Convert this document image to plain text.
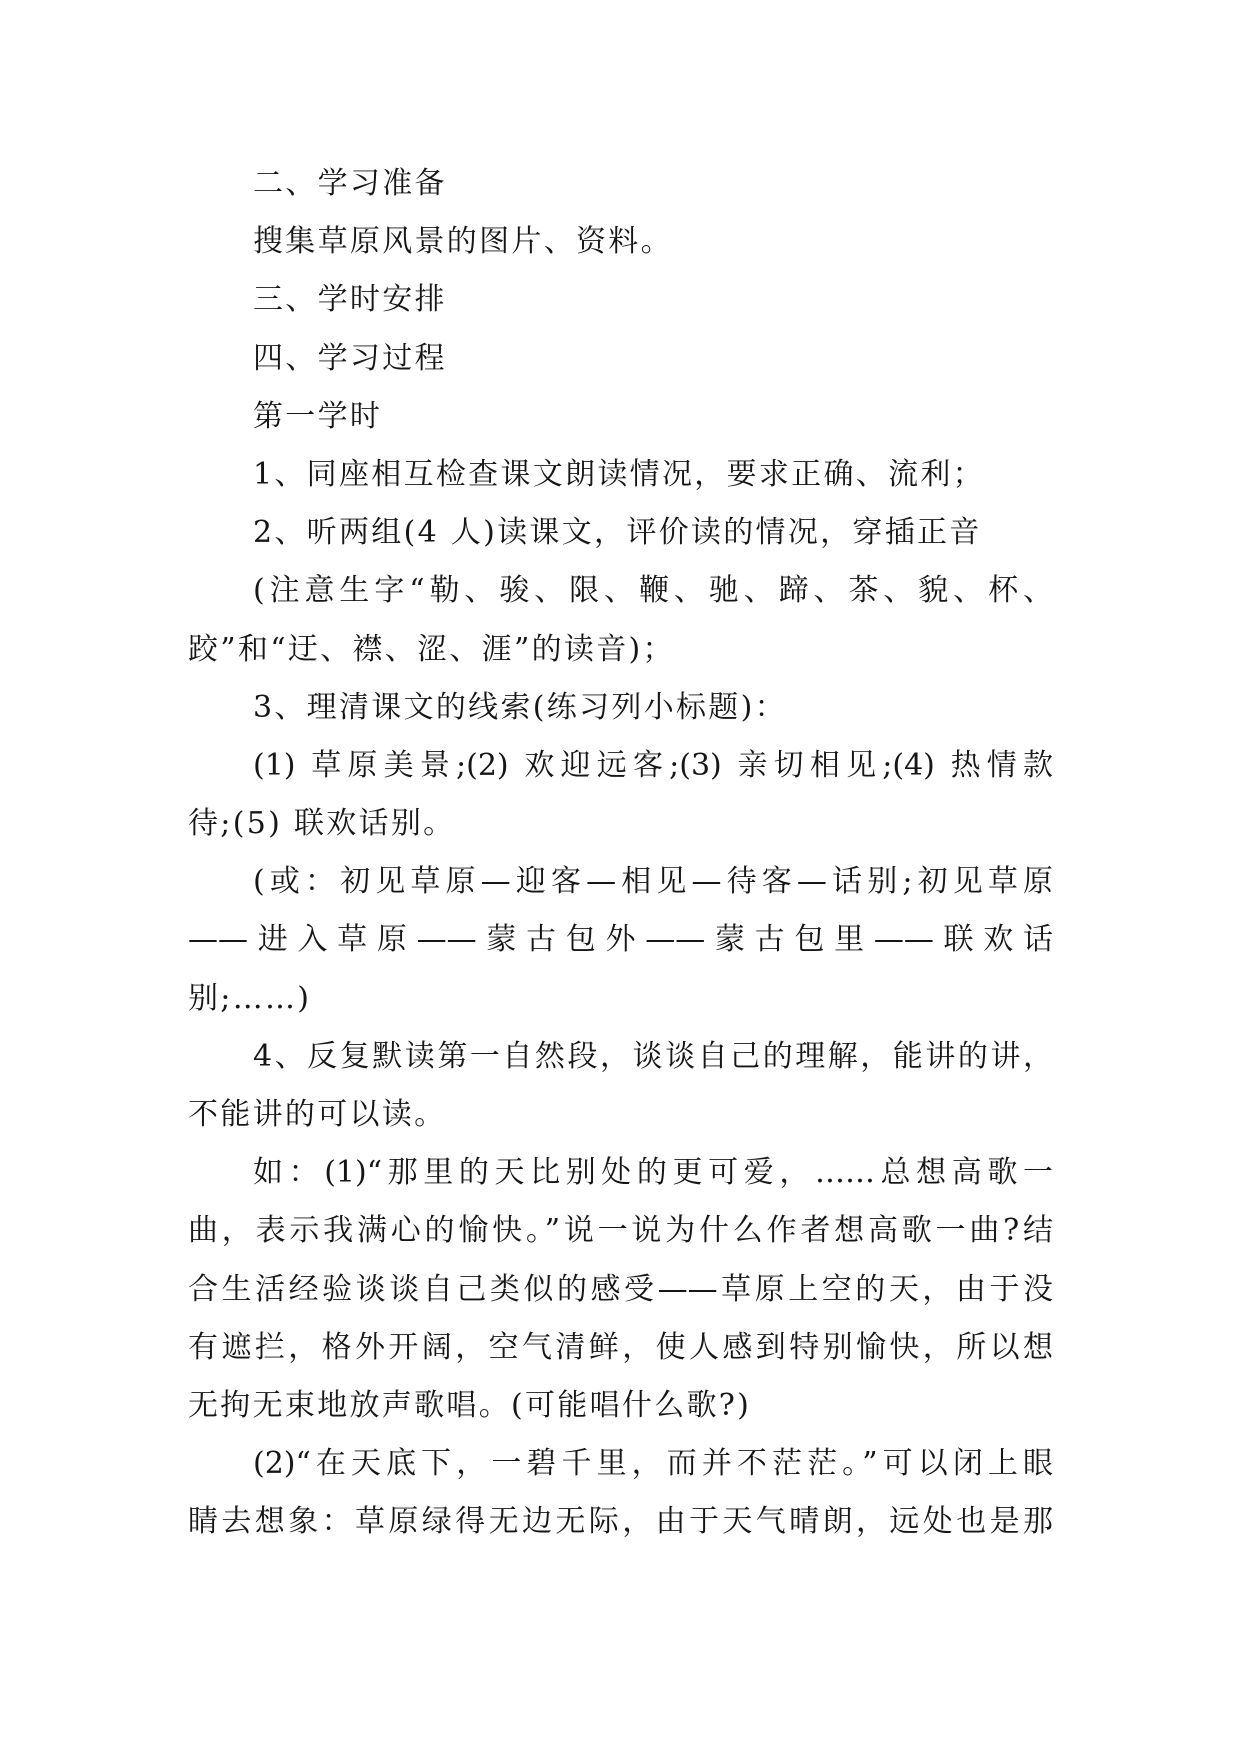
二、学习准备
搜集草原风景的图片、资料。
三、学时安排
四、学习过程
第一学时
1、同座相互检查课文朗读情况，要求正确、流利；
2、听两组(4 人)读课文，评价读的情况，穿插正音
(注意生字“勒、骏、限、鞭、驰、蹄、茶、貌、杯、
跤”和“迂、襟、涩、涯”的读音)；
3、理清课文的线索(练习列小标题)：
(1) 草原美景;(2) 欢迎远客;(3) 亲切相见;(4) 热情款
待;(5) 联欢话别。
(或：初见草原—迎客—相见—待客—话别;初见草原
——进入草原——蒙古包外——蒙古包里——联欢话
别;……)
4、反复默读第一自然段，谈谈自己的理解，能讲的讲，
不能讲的可以读。
如：(1)“那里的天比别处的更可爱，……总想高歌一
曲，表示我满心的愉快。”说一说为什么作者想高歌一曲?结
合生活经验谈谈自己类似的感受——草原上空的天，由于没
有遮拦，格外开阔，空气清鲜，使人感到特别愉快，所以想
无拘无束地放声歌唱。(可能唱什么歌?)
(2)“在天底下，一碧千里，而并不茫茫。”可以闭上眼
睛去想象：草原绿得无边无际，由于天气晴朗，远处也是那
